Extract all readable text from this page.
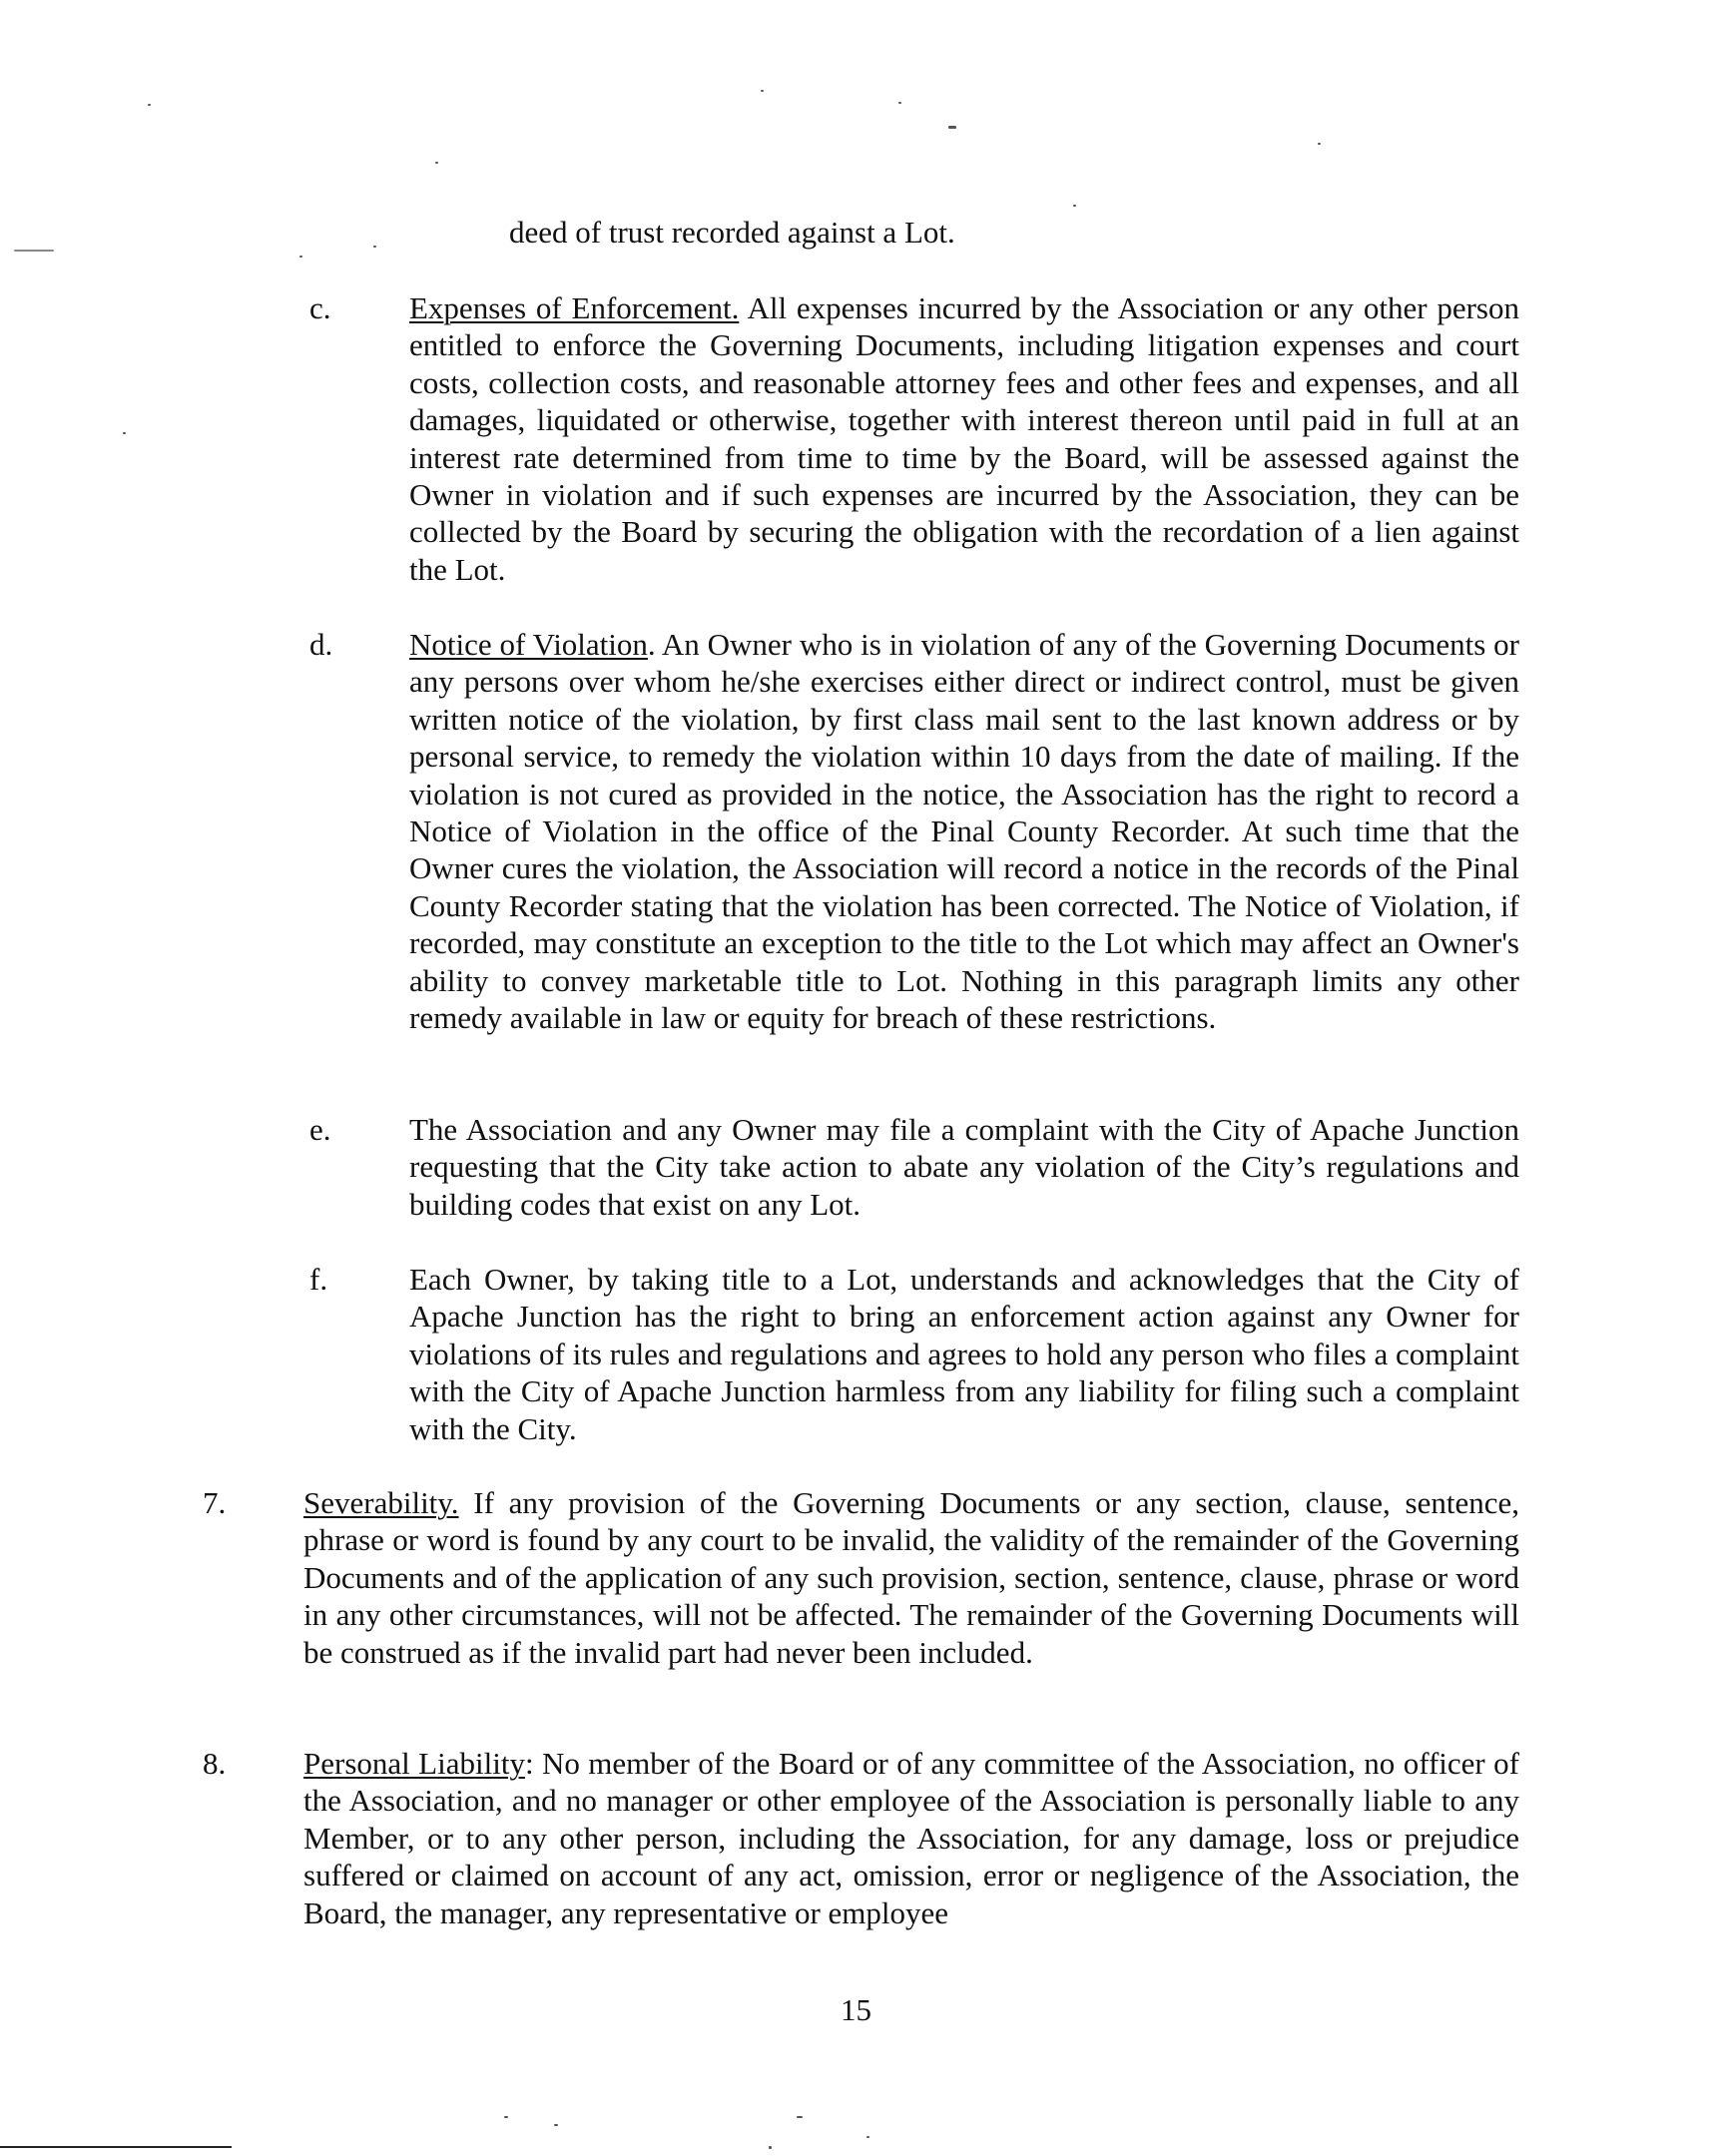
deed of trust recorded against a Lot.
c.	Expenses of Enforcement. All expenses incurred by the Association or any other person entitled to enforce the Governing Documents, including litigation expenses and court costs, collection costs, and reasonable attorney fees and other fees and expenses, and all damages, liquidated or otherwise, together with interest thereon until paid in full at an interest rate determined from time to time by the Board, will be assessed against the Owner in violation and if such expenses are incurred by the Association, they can be collected by the Board by securing the obligation with the recordation of a lien against the Lot.
d. Notice of Violation. An Owner who is in violation of any of the Governing Documents or any persons over whom he/she exercises either direct or indirect control, must be given written notice of the violation, by first class mail sent to the last known address or by personal service, to remedy the violation within 10 days from the date of mailing. If the violation is not cured as provided in the notice, the Association has the right to record a Notice of Violation in the office of the Pinal County Recorder. At such time that the Owner cures the violation, the Association will record a notice in the records of the Pinal County Recorder stating that the violation has been corrected. The Notice of Violation, if recorded, may constitute an exception to the title to the Lot which may affect an Owner's ability to convey marketable title to Lot. Nothing in this paragraph limits any other remedy available in law or equity for breach of these restrictions.
e.	The Association and any Owner may file a complaint with the City of Apache Junction requesting that the City take action to abate any violation of the City’s regulations and building codes that exist on any Lot.
f.	Each Owner, by taking title to a Lot, understands and acknowledges that the City of Apache Junction has the right to bring an enforcement action against any Owner for violations of its rules and regulations and agrees to hold any person who files a complaint with the City of Apache Junction harmless from any liability for filing such a complaint with the City.
7.	Severability. If any provision of the Governing Documents or any section, clause, sentence, phrase or word is found by any court to be invalid, the validity of the remainder of the Governing Documents and of the application of any such provision, section, sentence, clause, phrase or word in any other circumstances, will not be affected. The remainder of the Governing Documents will be construed as if the invalid part had never been included.
8.	Personal Liability: No member of the Board or of any committee of the Association, no officer of the Association, and no manager or other employee of the Association is personally liable to any Member, or to any other person, including the Association, for any damage, loss or prejudice suffered or claimed on account of any act, omission, error or negligence of the Association, the Board, the manager, any representative or employee
15
